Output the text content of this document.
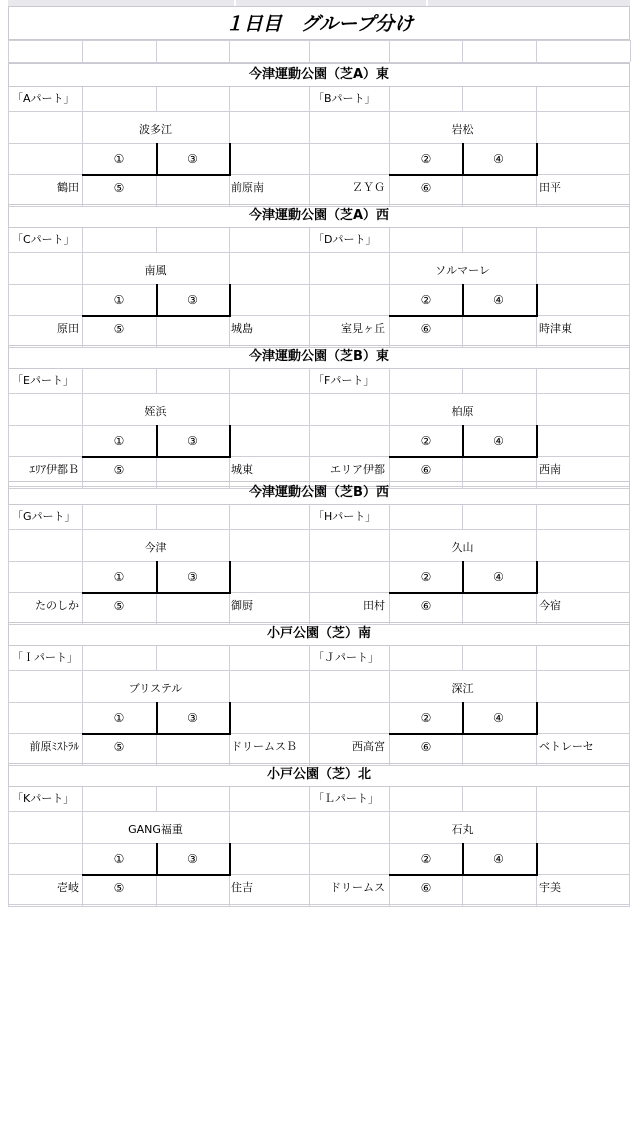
１日目　グループ分け
今津運動公園（芝A）東
「Aパート」
波多江
①	③
⑤
鶴田	前原南
「Bパート」
岩松
②	④
⑥
ＺＹＧ	田平
今津運動公園（芝A）西
「Cパート」
南風
①	③
⑤
原田	城島
「Dパート」
ソルマーレ
②	④
⑥
室見ヶ丘	時津東
今津運動公園（芝B）東
「Eパート」
姪浜
①	③
⑤
ｴﾘｱ伊都Ｂ	城東
「Fパート」
柏原
②	④
⑥
エリア伊都	西南
今津運動公園（芝B）西
「Gパート」
今津
①	③
⑤
たのしか	御厨
「Hパート」
久山
②	④
⑥
田村	今宿
小戸公園（芝）南
「Ｉパート」
ブリステル
①	③
⑤
前原ﾐｽﾄﾗﾙ	ドリームスＢ
「Ｊパート」
深江
②	④
⑥
西高宮	ベトレーセ
小戸公園（芝）北
「Kパート」
GANG福重
①	③
⑤
壱岐	住吉
「Ｌパート」
石丸
②	④
⑥
ドリームス	宇美
